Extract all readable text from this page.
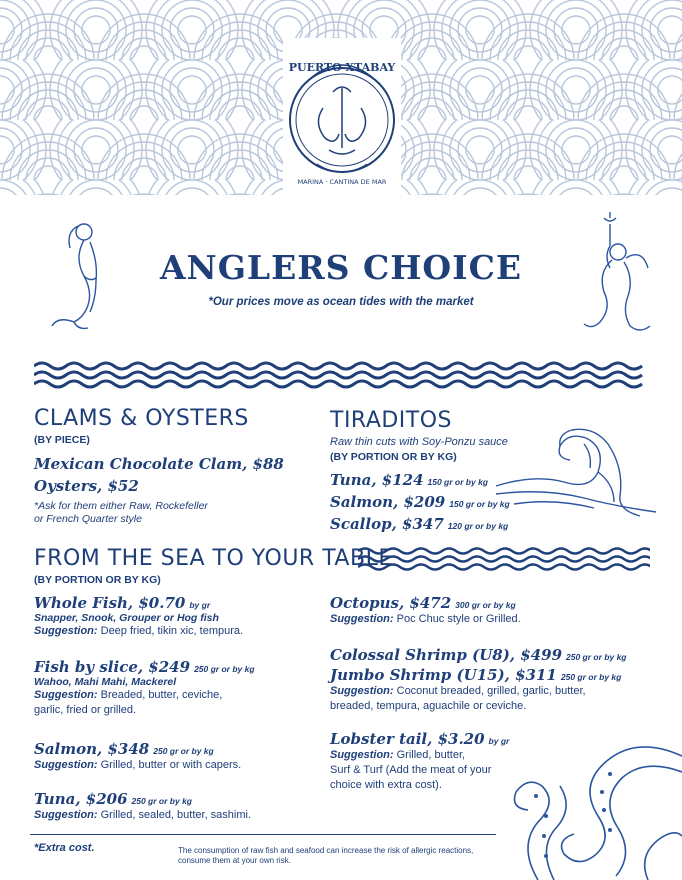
PUERTO XTABAY
MARINA · CANTINA DE MAR
ANGLERS CHOICE
*Our prices move as ocean tides with the market
CLAMS & OYSTERS
(BY PIECE)
Mexican Chocolate Clam, $88
Oysters, $52
*Ask for them either Raw, Rockefeller
or French Quarter style
TIRADITOS
Raw thin cuts with Soy-Ponzu sauce
(BY PORTION OR BY KG)
Tuna, $124 150 gr or by kg
Salmon, $209 150 gr or by kg
Scallop, $347 120 gr or by kg
FROM THE SEA TO YOUR TABLE
(BY PORTION OR BY KG)
Whole Fish, $0.70 by gr
Snapper, Snook, Grouper or Hog fish
Suggestion: Deep fried, tikin xic, tempura.
Fish by slice, $249 250 gr or by kg
Wahoo, Mahi Mahi, Mackerel
Suggestion: Breaded, butter, ceviche,
garlic, fried or grilled.
Salmon, $348 250 gr or by kg
Suggestion: Grilled, butter or with capers.
Tuna, $206 250 gr or by kg
Suggestion: Grilled, sealed, butter, sashimi.
Octopus, $472 300 gr or by kg
Suggestion: Poc Chuc style or Grilled.
Colossal Shrimp (U8), $499 250 gr or by kg
Jumbo Shrimp (U15), $311 250 gr or by kg
Suggestion: Coconut breaded, grilled, garlic, butter,
breaded, tempura, aguachile or ceviche.
Lobster tail, $3.20 by gr
Suggestion: Grilled, butter,
Surf & Turf (Add the meat of your
choice with extra cost).
*Extra cost.	The consumption of raw fish and seafood can increase the risk of allergic reactions,
consume them at your own risk.
